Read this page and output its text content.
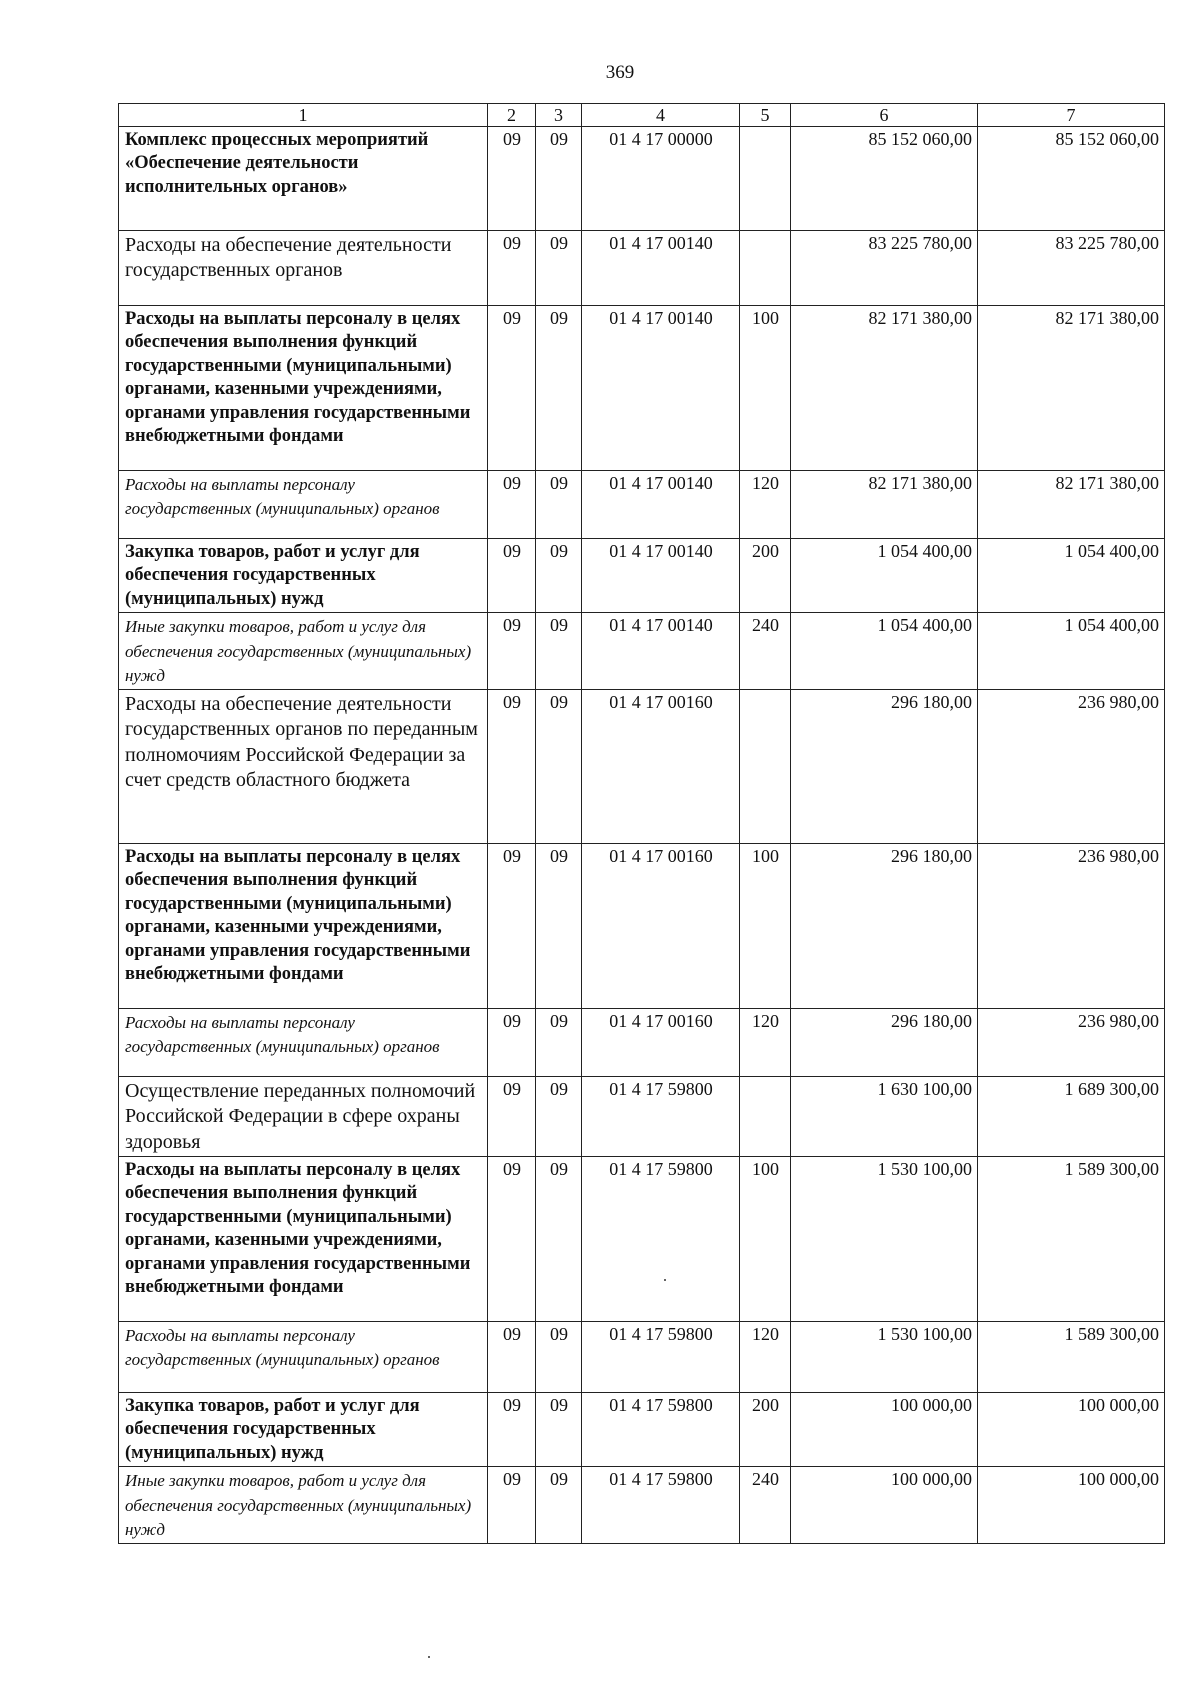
369
1	2	3	4	5	6	7
Комплекс процессных мероприятий «Обеспечение деятельности исполнительных органов»	09	09	01 4 17 00000		85 152 060,00	85 152 060,00
Расходы на обеспечение деятельности государственных органов	09	09	01 4 17 00140		83 225 780,00	83 225 780,00
Расходы на выплаты персоналу в целях обеспечения выполнения функций государственными (муниципальными) органами, казенными учреждениями, органами управления государственными внебюджетными фондами	09	09	01 4 17 00140	100	82 171 380,00	82 171 380,00
Расходы на выплаты персоналу государственных (муниципальных) органов	09	09	01 4 17 00140	120	82 171 380,00	82 171 380,00
Закупка товаров, работ и услуг для обеспечения государственных (муниципальных) нужд	09	09	01 4 17 00140	200	1 054 400,00	1 054 400,00
Иные закупки товаров, работ и услуг для обеспечения государственных (муниципальных) нужд	09	09	01 4 17 00140	240	1 054 400,00	1 054 400,00
Расходы на обеспечение деятельности государственных органов по переданным полномочиям Российской Федерации за счет средств областного бюджета	09	09	01 4 17 00160		296 180,00	236 980,00
Расходы на выплаты персоналу в целях обеспечения выполнения функций государственными (муниципальными) органами, казенными учреждениями, органами управления государственными внебюджетными фондами	09	09	01 4 17 00160	100	296 180,00	236 980,00
Расходы на выплаты персоналу государственных (муниципальных) органов	09	09	01 4 17 00160	120	296 180,00	236 980,00
Осуществление переданных полномочий Российской Федерации в сфере охраны здоровья	09	09	01 4 17 59800		1 630 100,00	1 689 300,00
Расходы на выплаты персоналу в целях обеспечения выполнения функций государственными (муниципальными) органами, казенными учреждениями, органами управления государственными внебюджетными фондами	09	09	01 4 17 59800	100	1 530 100,00	1 589 300,00
Расходы на выплаты персоналу государственных (муниципальных) органов	09	09	01 4 17 59800	120	1 530 100,00	1 589 300,00
Закупка товаров, работ и услуг для обеспечения государственных (муниципальных) нужд	09	09	01 4 17 59800	200	100 000,00	100 000,00
Иные закупки товаров, работ и услуг для обеспечения государственных (муниципальных) нужд	09	09	01 4 17 59800	240	100 000,00	100 000,00
